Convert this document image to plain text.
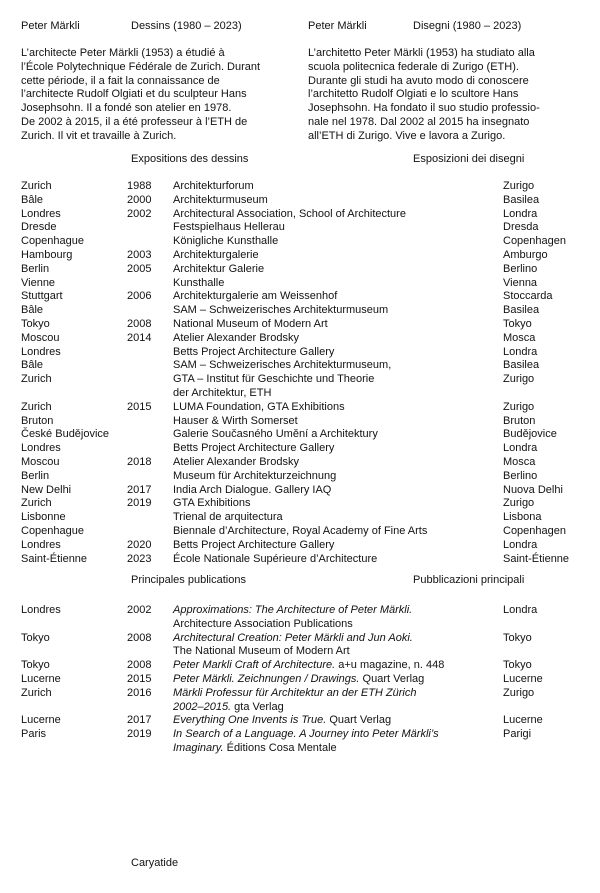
Peter Märkli	Dessins (1980 – 2023)	Peter Märkli	Disegni (1980 – 2023)
L’architecte Peter Märkli (1953) a étudié à
l’École Polytechnique Fédérale de Zurich. Durant
cette période, il a fait la connaissance de
l’architecte Rudolf Olgiati et du sculpteur Hans
Josephsohn. Il a fondé son atelier en 1978.
De 2002 à 2015, il a été professeur à l’ETH de
Zurich. Il vit et travaille à Zurich.
L’architetto Peter Märkli (1953) ha studiato alla
scuola politecnica federale di Zurigo (ETH).
Durante gli studi ha avuto modo di conoscere
l’architetto Rudolf Olgiati e lo scultore Hans
Josephsohn. Ha fondato il suo studio professio-
nale nel 1978. Dal 2002 al 2015 ha insegnato
all’ETH di Zurigo. Vive e lavora a Zurigo.
Expositions des dessins	Esposizioni dei disegni
Zurich	1988	Architekturforum	Zurigo
Bâle	2000	Architekturmuseum	Basilea
Londres	2002	Architectural Association, School of Architecture	Londra
Dresde	Festspielhaus Hellerau	Dresda
Copenhague	Königliche Kunsthalle	Copenhagen
Hambourg	2003	Architekturgalerie	Amburgo
Berlin	2005	Architektur Galerie	Berlino
Vienne	Kunsthalle	Vienna
Stuttgart	2006	Architekturgalerie am Weissenhof	Stoccarda
Bâle	SAM – Schweizerisches Architekturmuseum	Basilea
Tokyo	2008	National Museum of Modern Art	Tokyo
Moscou	2014	Atelier Alexander Brodsky	Mosca
Londres	Betts Project Architecture Gallery	Londra
Bâle	SAM – Schweizerisches Architekturmuseum,	Basilea
Zurich	GTA – Institut für Geschichte und Theorie
der Architektur, ETH
Zurigo
Zurich	2015	LUMA Foundation, GTA Exhibitions	Zurigo
Bruton	Hauser & Wirth Somerset	Bruton
České Budějovice	Galerie Současného Umění a Architektury	Budějovice
Londres	Betts Project Architecture Gallery	Londra
Moscou	2018	Atelier Alexander Brodsky	Mosca
Berlin	Museum für Architekturzeichnung	Berlino
New Delhi	2017	India Arch Dialogue. Gallery IAQ	Nuova Delhi
Zurich	2019	GTA Exhibitions	Zurigo
Lisbonne	Trienal de arquitectura	Lisbona
Copenhague	Biennale d’Architecture, Royal Academy of Fine Arts	Copenhagen
Londres	2020	Betts Project Architecture Gallery	Londra
Saint-Étienne	2023	École Nationale Supérieure d’Architecture	Saint-Étienne
Principales publications	Pubblicazioni principali
Londres	2002	Approximations: The Architecture of Peter Märkli.
Architecture Association Publications
Londra
Tokyo	2008	Architectural Creation: Peter Märkli and Jun Aoki.
The National Museum of Modern Art
Tokyo
Tokyo	2008	Peter Markli Craft of Architecture. a+u magazine, n. 448	Tokyo
Lucerne	2015	Peter Märkli. Zeichnungen / Drawings. Quart Verlag	Lucerne
Zurich	2016	Märkli Professur für Architektur an der ETH Zürich
2002–2015. gta Verlag
Zurigo
Lucerne	2017	Everything One Invents is True. Quart Verlag	Lucerne
Paris	2019	In Search of a Language. A Journey into Peter Märkli’s
Imaginary. Éditions Cosa Mentale
Parigi
Caryatide
